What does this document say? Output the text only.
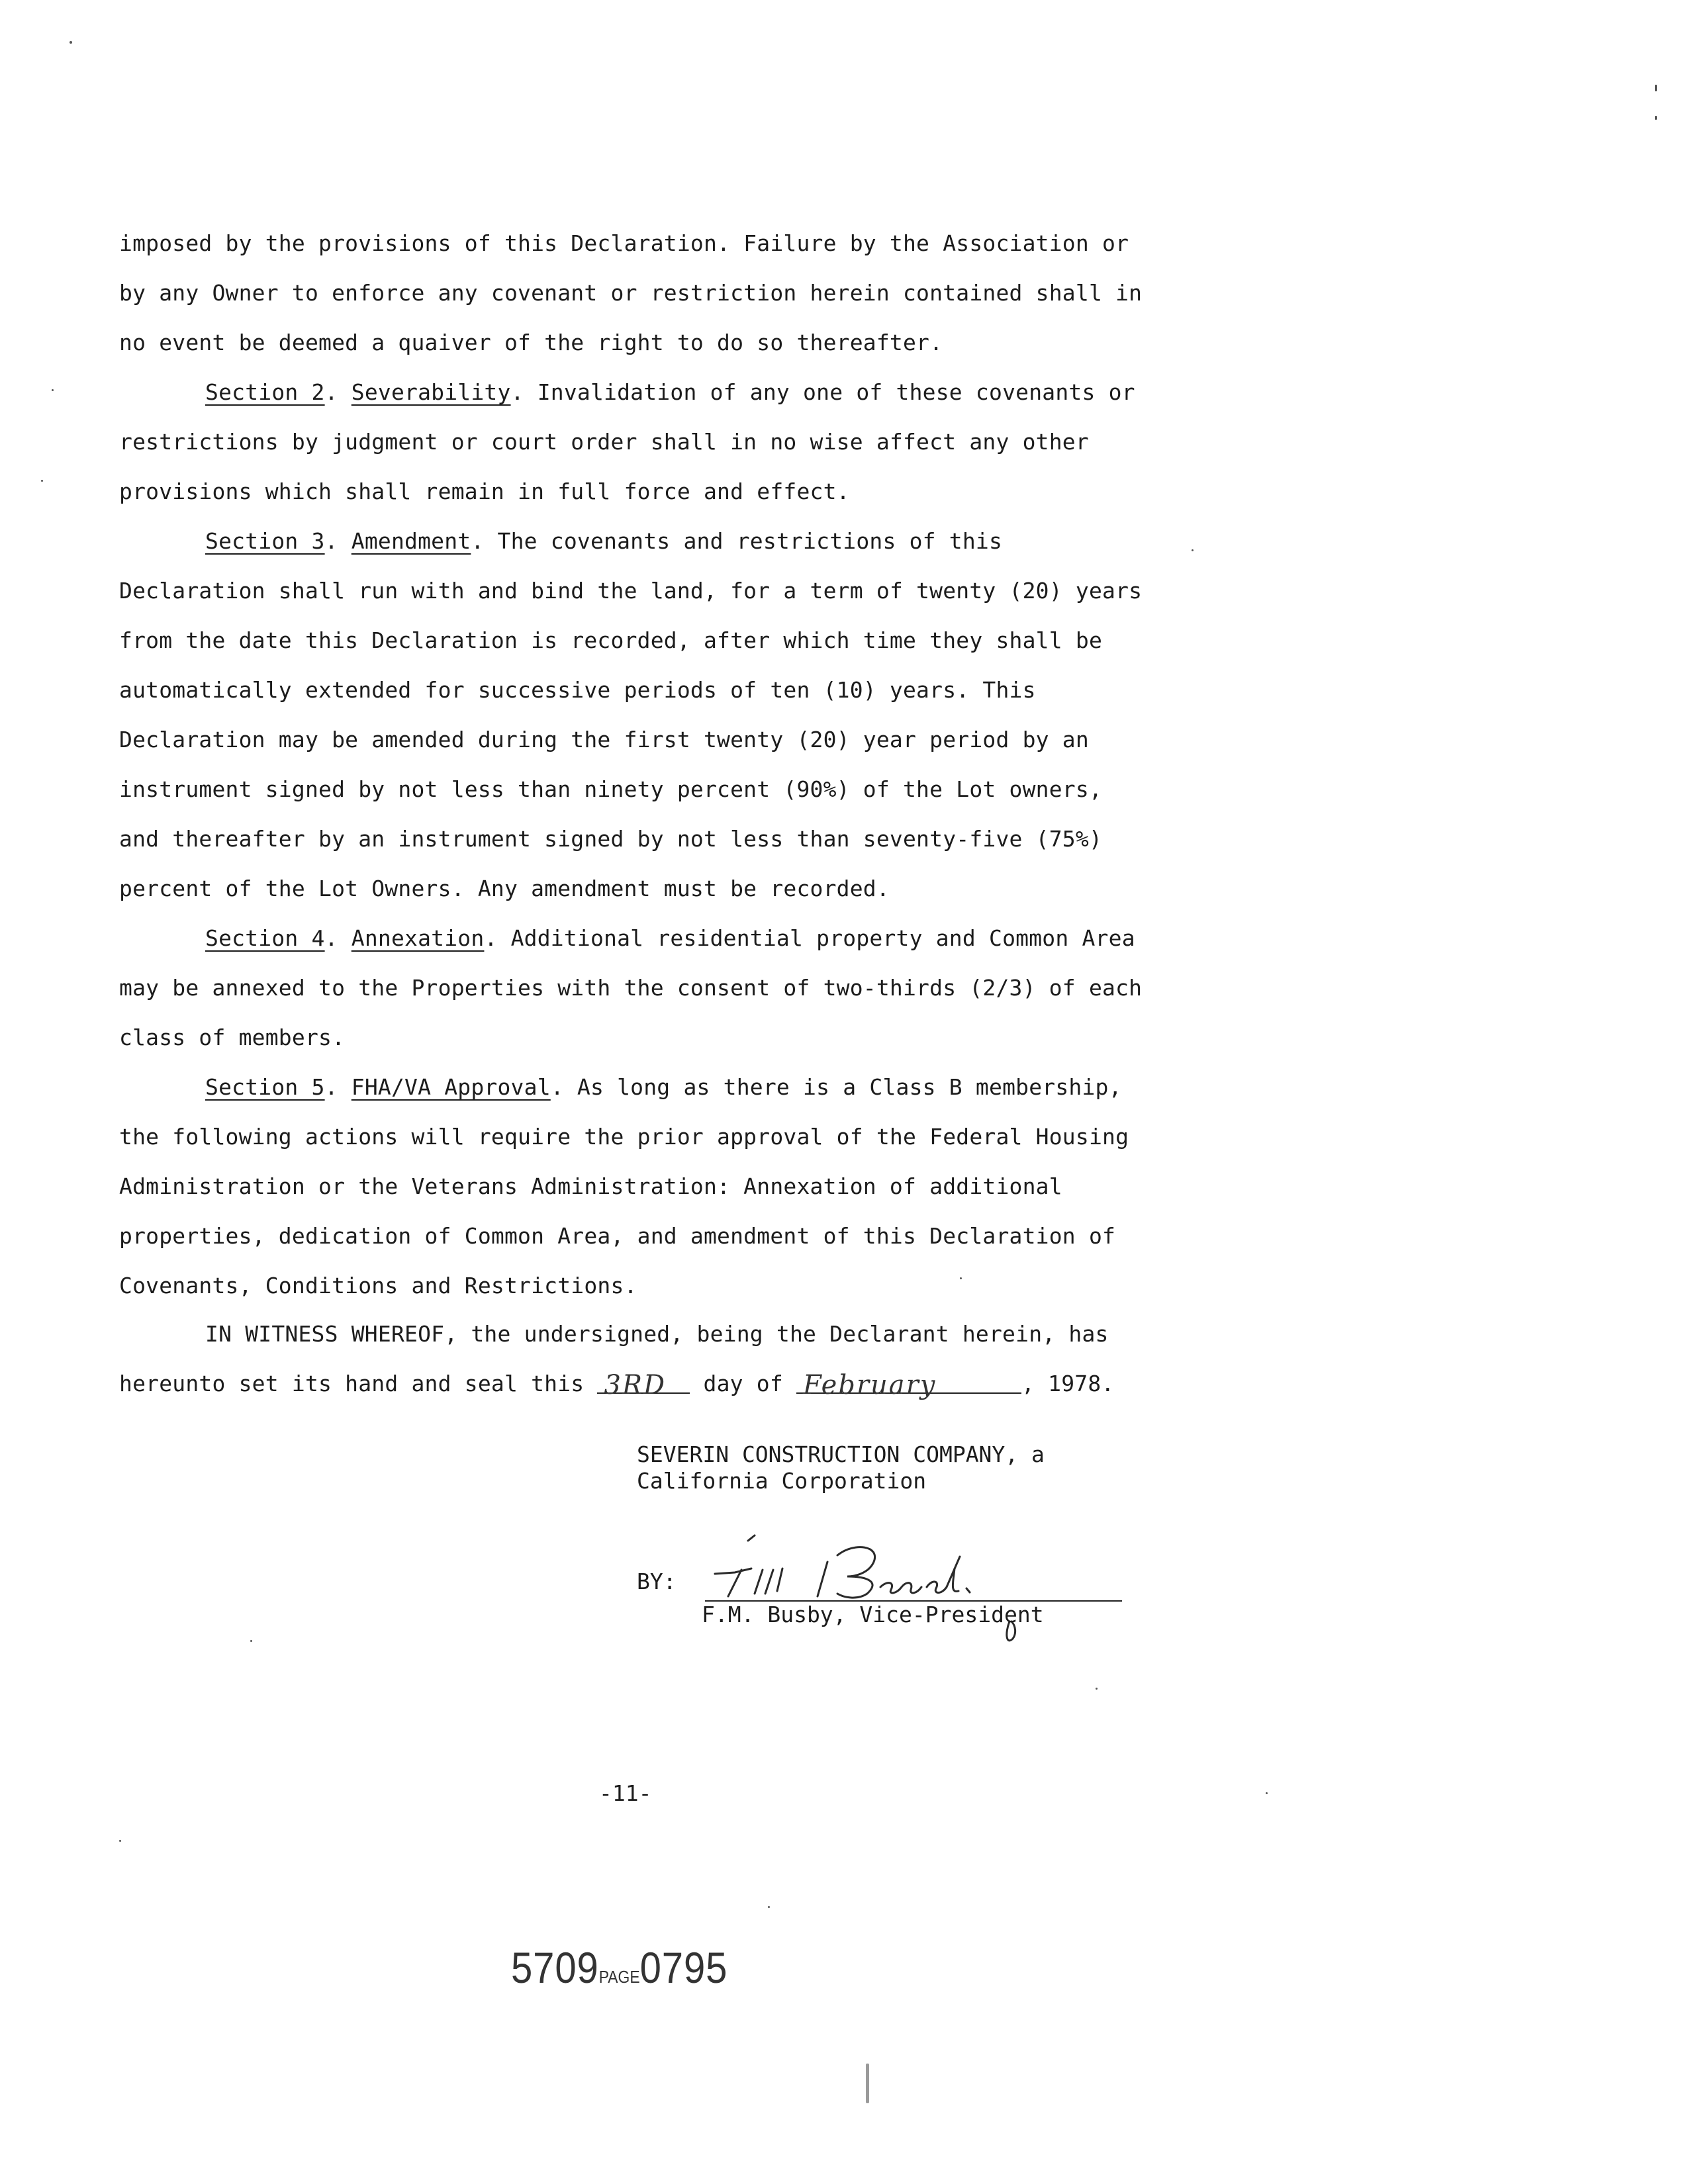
imposed by the provisions of this Declaration. Failure by the Association or
by any Owner to enforce any covenant or restriction herein contained shall in
no event be deemed a quaiver of the right to do so thereafter.
Section 2. Severability. Invalidation of any one of these covenants or
restrictions by judgment or court order shall in no wise affect any other
provisions which shall remain in full force and effect.
Section 3. Amendment. The covenants and restrictions of this
Declaration shall run with and bind the land, for a term of twenty (20) years
from the date this Declaration is recorded, after which time they shall be
automatically extended for successive periods of ten (10) years. This
Declaration may be amended during the first twenty (20) year period by an
instrument signed by not less than ninety percent (90%) of the Lot owners,
and thereafter by an instrument signed by not less than seventy-five (75%)
percent of the Lot Owners. Any amendment must be recorded.
Section 4. Annexation. Additional residential property and Common Area
may be annexed to the Properties with the consent of two-thirds (2/3) of each
class of members.
Section 5. FHA/VA Approval. As long as there is a Class B membership,
the following actions will require the prior approval of the Federal Housing
Administration or the Veterans Administration: Annexation of additional
properties, dedication of Common Area, and amendment of this Declaration of
Covenants, Conditions and Restrictions.
IN WITNESS WHEREOF, the undersigned, being the Declarant herein, has
hereunto set its hand and seal this 3RD day of February	, 1978.
SEVERIN CONSTRUCTION COMPANY, a
California Corporation
BY:
F.M. Busby, Vice-President
-11-
5709PAGE0795
